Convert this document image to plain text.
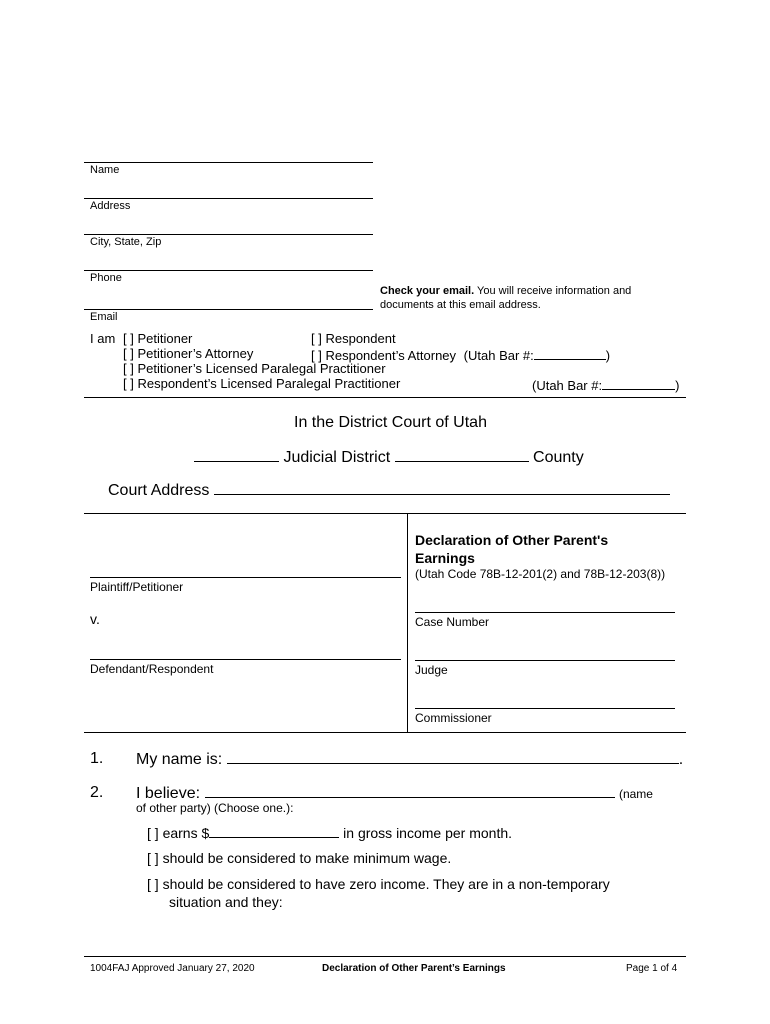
Name
Address
City, State, Zip
Phone
Check your email. You will receive information and
documents at this email address.
Email
I am [ ] Petitioner	[ ] Respondent
[ ] Petitioner’s Attorney	[ ] Respondent’s Attorney (Utah Bar #:	)
[ ] Petitioner’s Licensed Paralegal Practitioner
[ ] Respondent’s Licensed Paralegal Practitioner	(Utah Bar #:	)
In the District Court of Utah
Judicial District	County
Court Address
Plaintiff/Petitioner
v.
Defendant/Respondent
Declaration of Other Parent's
Earnings
(Utah Code 78B-12-201(2) and 78B-12-203(8))
Case Number
Judge
Commissioner
1. My name is:	.
2. I believe:	(name
of other party) (Choose one.):
[ ] earns $	in gross income per month.
[ ] should be considered to make minimum wage.
[ ] should be considered to have zero income. They are in a non-temporary
situation and they:
1004FAJ Approved January 27, 2020	Declaration of Other Parent’s Earnings	Page 1 of 4
